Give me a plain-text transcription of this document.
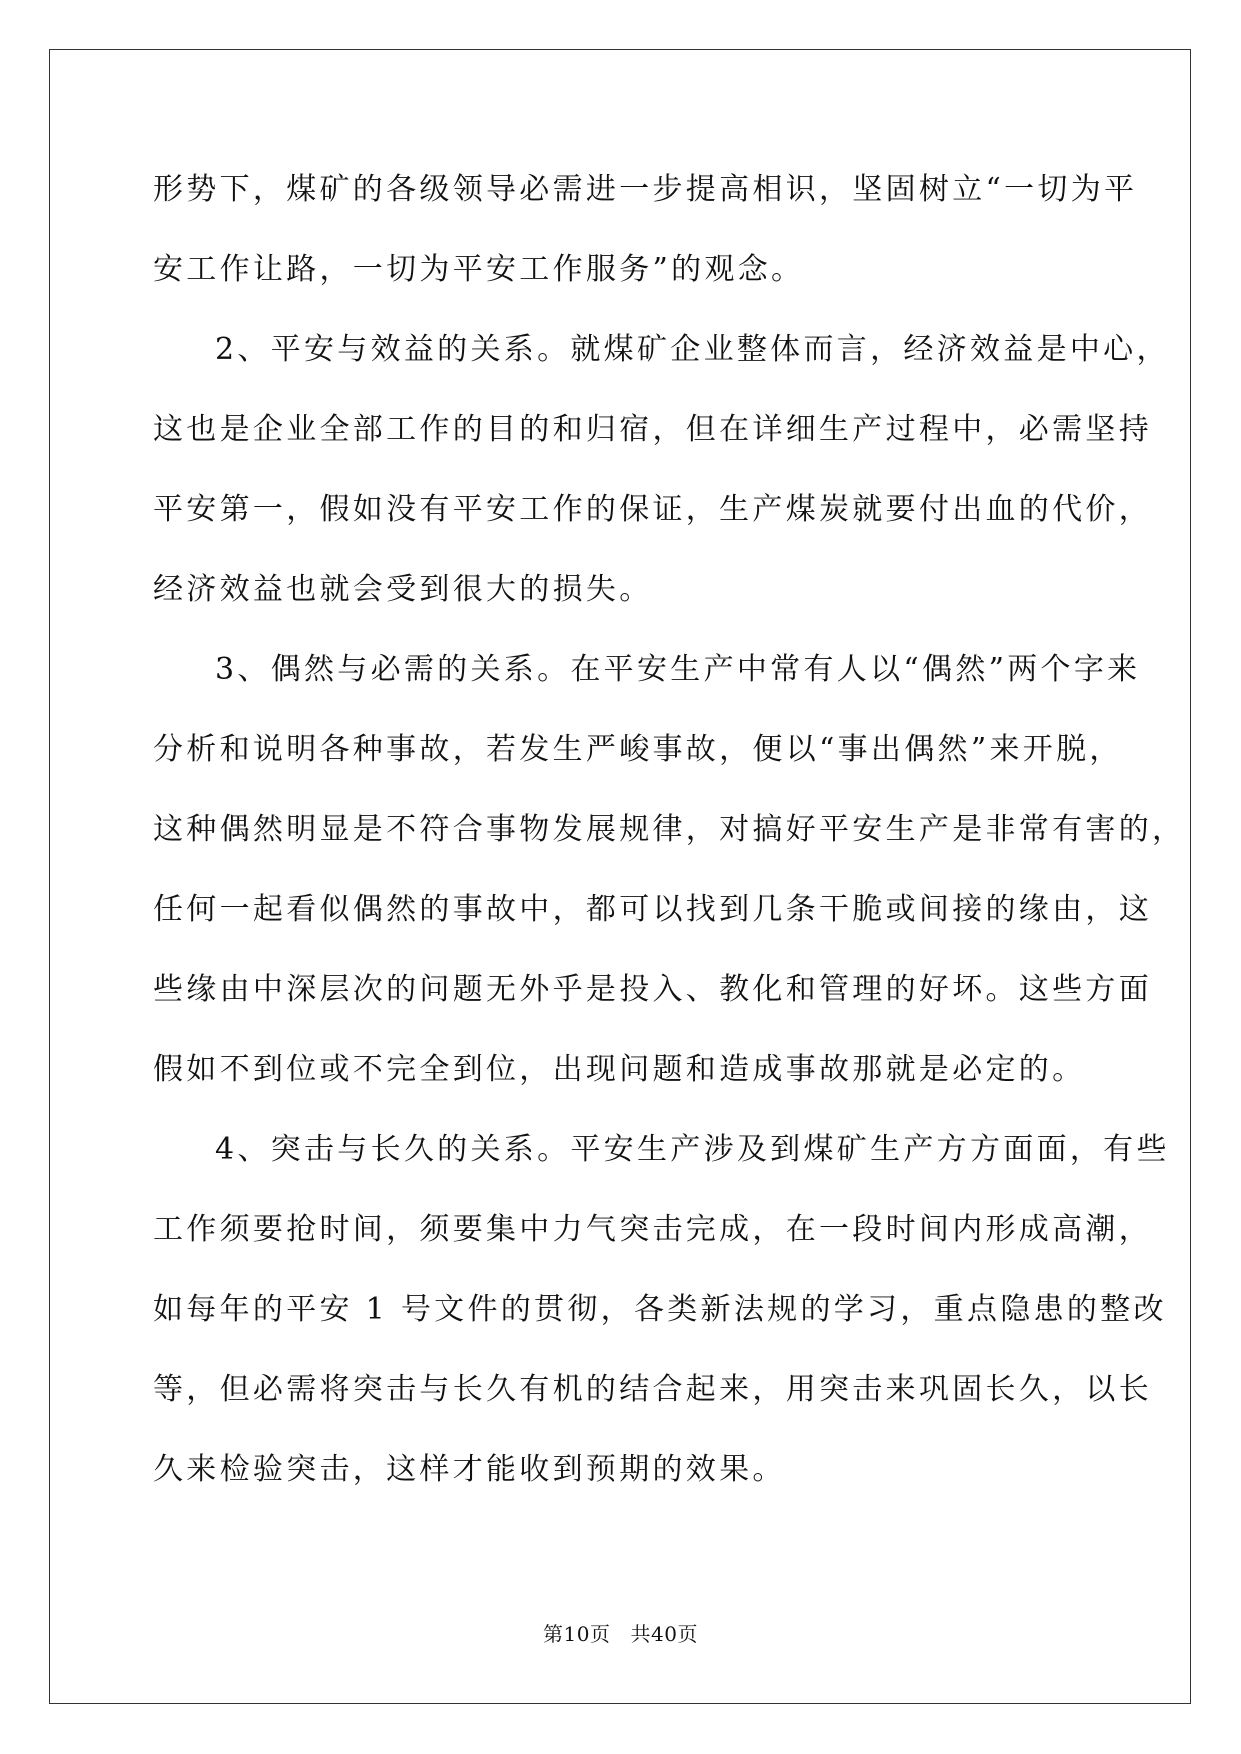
形势下，煤矿的各级领导必需进一步提高相识，坚固树立“一切为平
安工作让路，一切为平安工作服务”的观念。
2、平安与效益的关系。就煤矿企业整体而言，经济效益是中心，
这也是企业全部工作的目的和归宿，但在详细生产过程中，必需坚持
平安第一，假如没有平安工作的保证，生产煤炭就要付出血的代价，
经济效益也就会受到很大的损失。
3、偶然与必需的关系。在平安生产中常有人以“偶然”两个字来
分析和说明各种事故，若发生严峻事故，便以“事出偶然”来开脱，
这种偶然明显是不符合事物发展规律，对搞好平安生产是非常有害的，
任何一起看似偶然的事故中，都可以找到几条干脆或间接的缘由，这
些缘由中深层次的问题无外乎是投入、教化和管理的好坏。这些方面
假如不到位或不完全到位，出现问题和造成事故那就是必定的。
4、突击与长久的关系。平安生产涉及到煤矿生产方方面面，有些
工作须要抢时间，须要集中力气突击完成，在一段时间内形成高潮，
如每年的平安 1 号文件的贯彻，各类新法规的学习，重点隐患的整改
等，但必需将突击与长久有机的结合起来，用突击来巩固长久，以长
久来检验突击，这样才能收到预期的效果。
第10页 共40页
